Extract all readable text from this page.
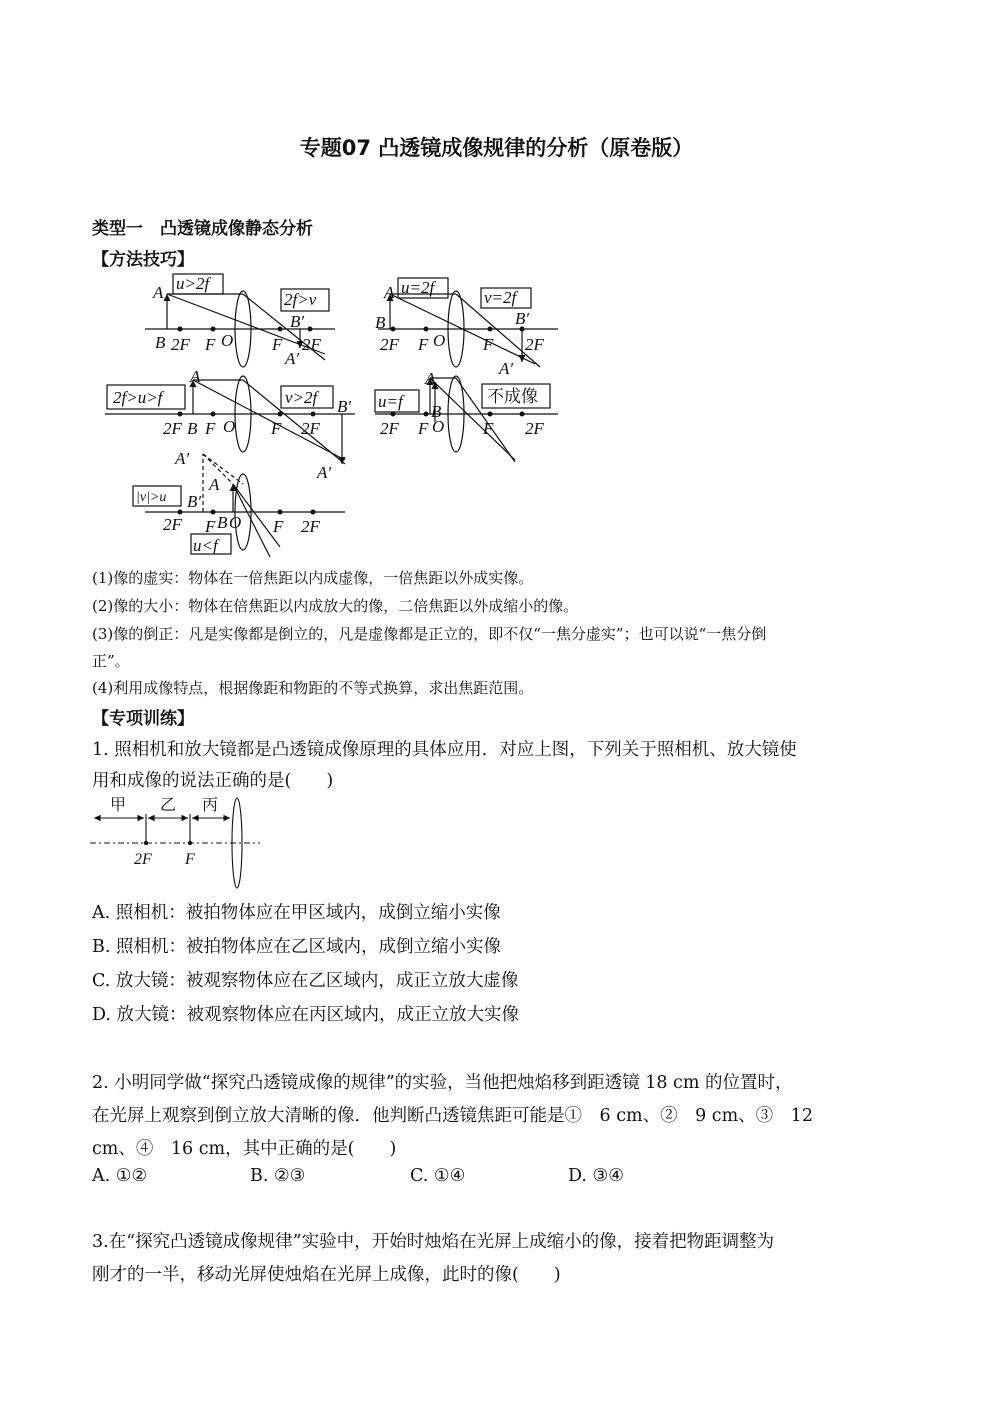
专题07 凸透镜成像规律的分析（原卷版）
类型一　凸透镜成像静态分析
【方法技巧】
u>2f
2f>v
A
B 2F F O F 2F
B′
A′
u=2f
v=2f
A
B
2F F O F 2F
B′
A′
2f>u>f	v>2f
A
2F B F O F 2F
B′
A′
u=f	不成像
A
B
2F F O F 2F
A′
|v|>u
u<f
A
B′
2F F B O F 2F
(1)像的虚实：物体在一倍焦距以内成虚像，一倍焦距以外成实像。
(2)像的大小：物体在倍焦距以内成放大的像，二倍焦距以外成缩小的像。
(3)像的倒正：凡是实像都是倒立的，凡是虚像都是正立的，即不仅“一焦分虚实”；也可以说“一焦分倒
正”。
(4)利用成像特点，根据像距和物距的不等式换算，求出焦距范围。
【专项训练】
1. 照相机和放大镜都是凸透镜成像原理的具体应用．对应上图，下列关于照相机、放大镜使
用和成像的说法正确的是(　　)
甲 乙 丙
2F F
A. 照相机：被拍物体应在甲区域内，成倒立缩小实像
B. 照相机：被拍物体应在乙区域内，成倒立缩小实像
C. 放大镜：被观察物体应在乙区域内，成正立放大虚像
D. 放大镜：被观察物体应在丙区域内，成正立放大实像
2. 小明同学做“探究凸透镜成像的规律”的实验，当他把烛焰移到距透镜 18 cm 的位置时，
在光屏上观察到倒立放大清晰的像．他判断凸透镜焦距可能是①　6 cm、②　9 cm、③　12
cm、④　16 cm，其中正确的是(　　)
A. ①②	B. ②③	C. ①④	D. ③④
3.在“探究凸透镜成像规律”实验中，开始时烛焰在光屏上成缩小的像，接着把物距调整为
刚才的一半，移动光屏使烛焰在光屏上成像，此时的像(　　)
